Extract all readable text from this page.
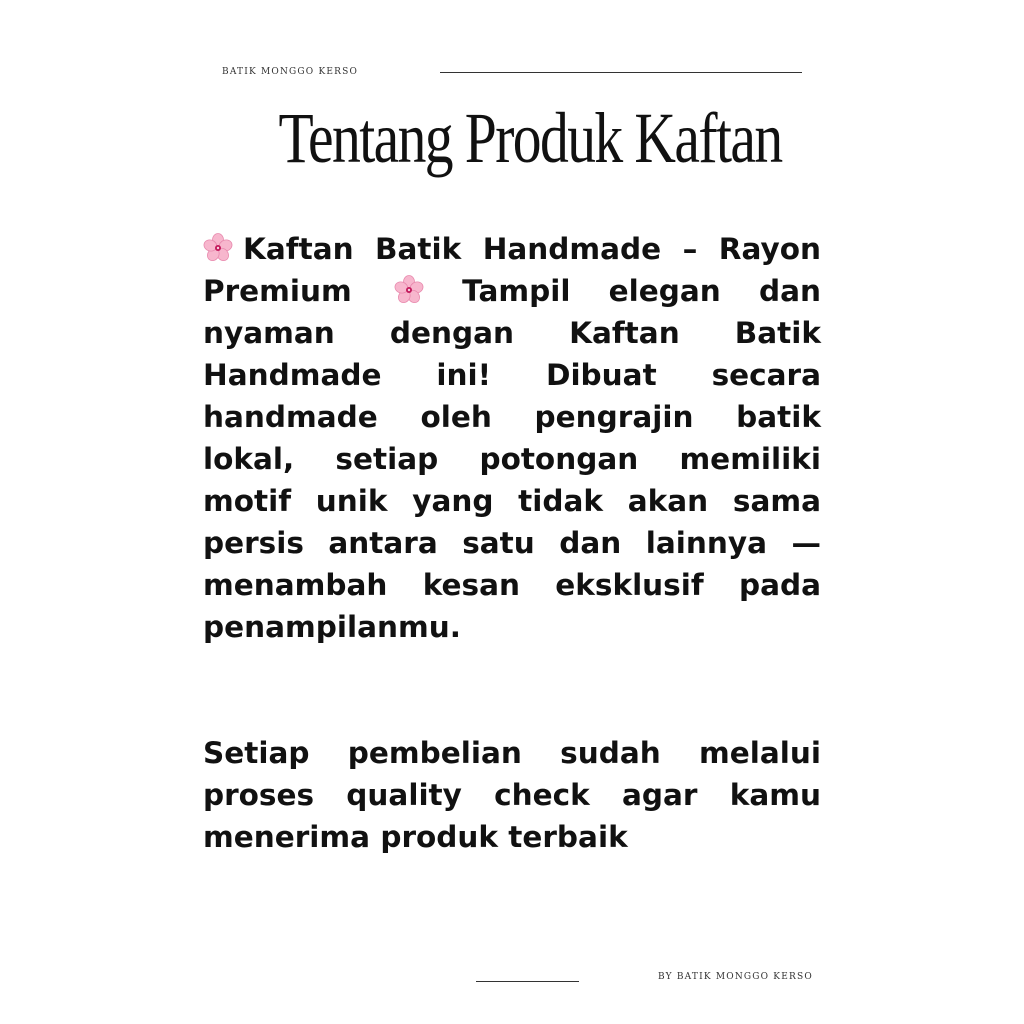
BATIK MONGGO KERSO
Tentang Produk Kaftan

Kaftan Batik Handmade – Rayon Premium	Tampil elegan dan nyaman dengan Kaftan Batik Handmade ini! Dibuat secara handmade oleh pengrajin batik lokal, setiap potongan memiliki motif unik yang tidak akan sama persis antara satu dan lainnya — menambah kesan eksklusif pada penampilanmu.

Setiap pembelian sudah melalui proses quality check agar kamu menerima produk terbaik

BY BATIK MONGGO KERSO
